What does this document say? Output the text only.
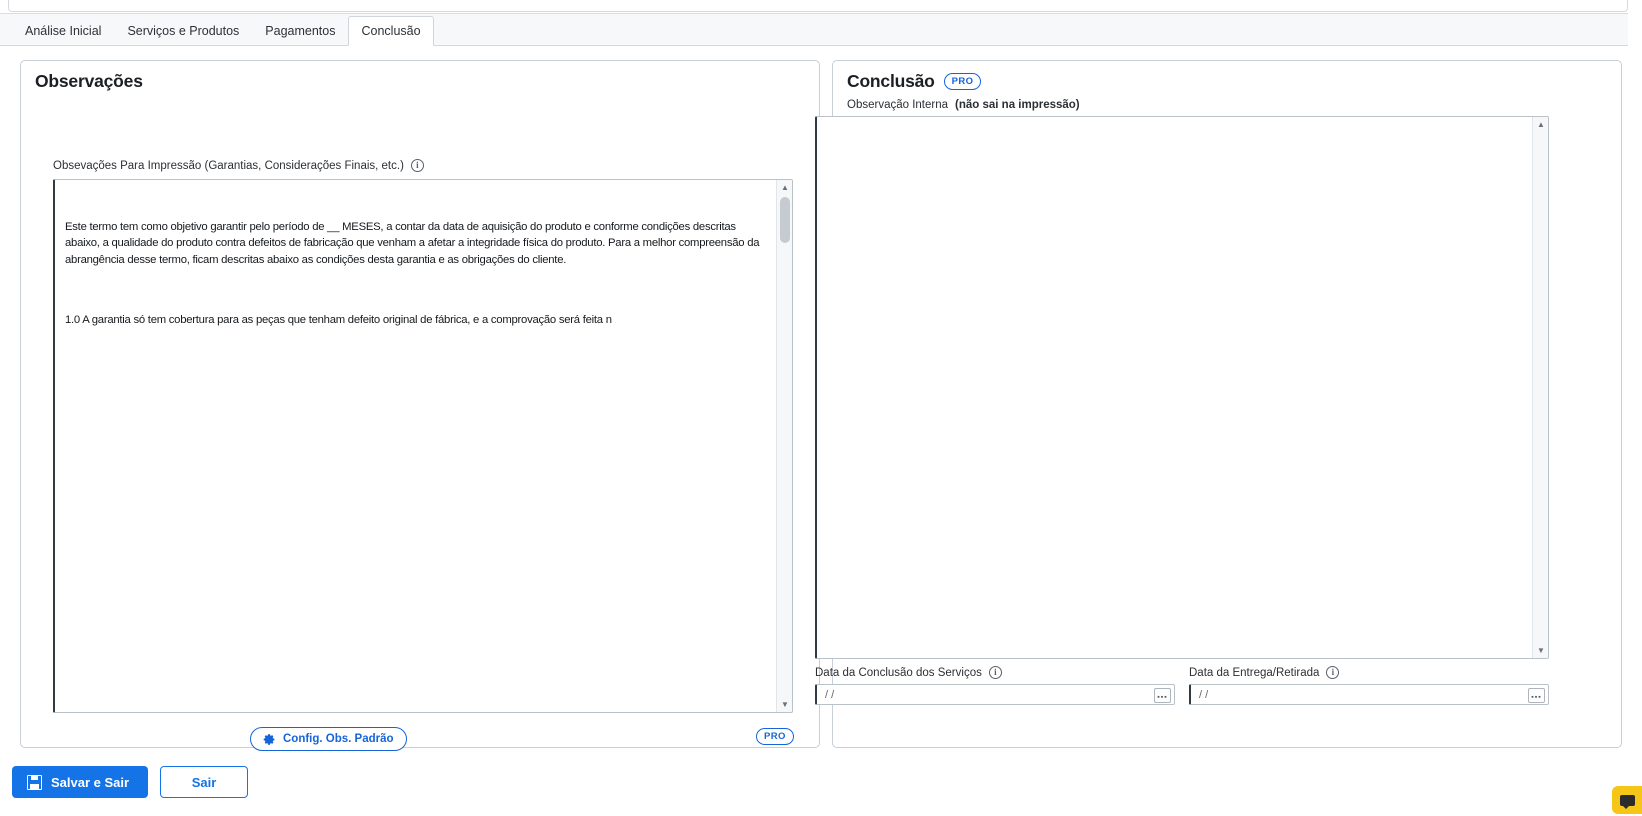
Análise Inicial	Serviços e Produtos	Pagamentos	Conclusão
Observações
Obsevações Para Impressão (Garantias, Considerações Finais, etc.)	i

Este termo tem como objetivo garantir pelo período de __ MESES, a contar da data de aquisição do produto e conforme condições descritas abaixo, a qualidade do produto contra defeitos de fabricação que venham a afetar a integridade física do produto. Para a melhor compreensão da abrangência desse termo, ficam descritas abaixo as condições desta garantia e as obrigações do cliente.

1.0 A garantia só tem cobertura para as peças que tenham defeito original de fábrica, e a comprovação será feita n

▲
▼
Config. Obs. Padrão	PRO
Conclusão	PRO
Observação Interna (não sai na impressão)
▲
▼
Data da Conclusão dos Serviços	i
/ /	▪▪▪
Data da Entrega/Retirada	i
/ /	▪▪▪
Salvar e Sair	Sair
